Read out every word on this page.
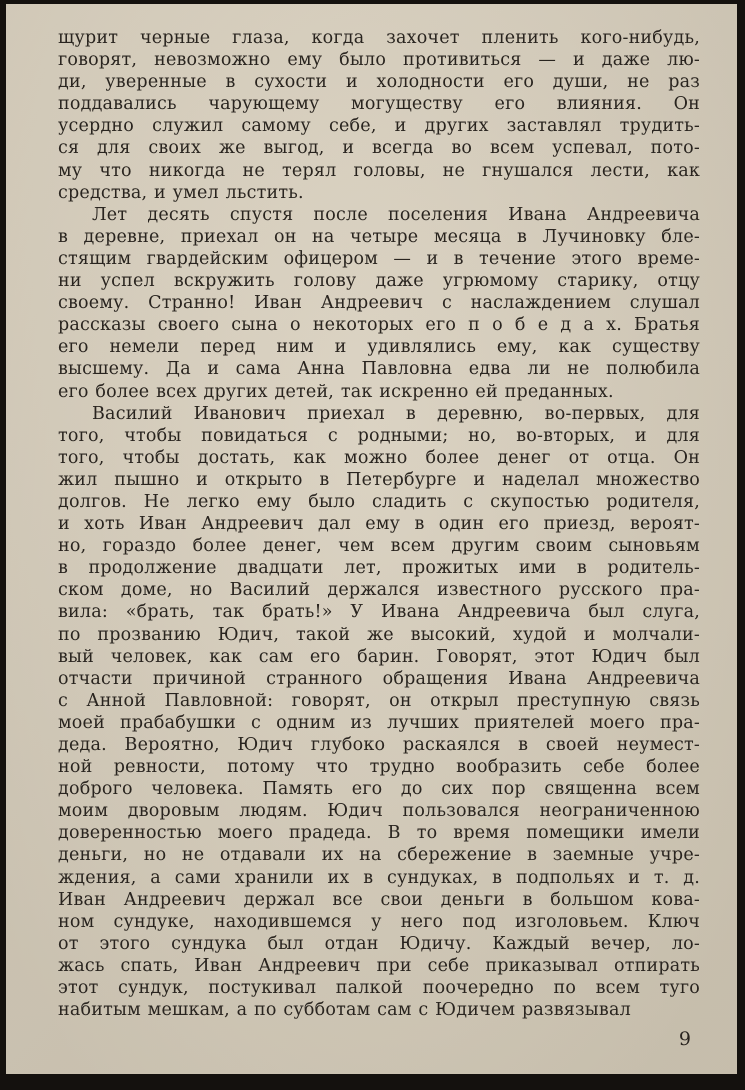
щурит черные глаза, когда захочет пленить кого-нибудь,
говорят, невозможно ему было противиться — и даже лю-
ди, уверенные в сухости и холодности его души, не раз
поддавались чарующему могуществу его влияния. Он
усердно служил самому себе, и других заставлял трудить-
ся для своих же выгод, и всегда во всем успевал, пото-
му что никогда не терял головы, не гнушался лести, как
средства, и умел льстить.
Лет десять спустя после поселения Ивана Андреевича
в деревне, приехал он на четыре месяца в Лучиновку бле-
стящим гвардейским офицером — и в течение этого време-
ни успел вскружить голову даже угрюмому старику, отцу
своему. Странно! Иван Андреевич с наслаждением слушал
рассказы своего сына о некоторых его п о б е д а х. Братья
его немели перед ним и удивлялись ему, как существу
высшему. Да и сама Анна Павловна едва ли не полюбила
его более всех других детей, так искренно ей преданных.
Василий Иванович приехал в деревню, во-первых, для
того, чтобы повидаться с родными; но, во-вторых, и для
того, чтобы достать, как можно более денег от отца. Он
жил пышно и открыто в Петербурге и наделал множество
долгов. Не легко ему было сладить с скупостью родителя,
и хоть Иван Андреевич дал ему в один его приезд, вероят-
но, гораздо более денег, чем всем другим своим сыновьям
в продолжение двадцати лет, прожитых ими в родитель-
ском доме, но Василий держался известного русского пра-
вила: «брать, так брать!» У Ивана Андреевича был слуга,
по прозванию Юдич, такой же высокий, худой и молчали-
вый человек, как сам его барин. Говорят, этот Юдич был
отчасти причиной странного обращения Ивана Андреевича
с Анной Павловной: говорят, он открыл преступную связь
моей прабабушки с одним из лучших приятелей моего пра-
деда. Вероятно, Юдич глубоко раскаялся в своей неумест-
ной ревности, потому что трудно вообразить себе более
доброго человека. Память его до сих пор священна всем
моим дворовым людям. Юдич пользовался неограниченною
доверенностью моего прадеда. В то время помещики имели
деньги, но не отдавали их на сбережение в заемные учре-
ждения, а сами хранили их в сундуках, в подпольях и т. д.
Иван Андреевич держал все свои деньги в большом кова-
ном сундуке, находившемся у него под изголовьем. Ключ
от этого сундука был отдан Юдичу. Каждый вечер, ло-
жась спать, Иван Андреевич при себе приказывал отпирать
этот сундук, постукивал палкой поочередно по всем туго
набитым мешкам, а по субботам сам с Юдичем развязывал
9
